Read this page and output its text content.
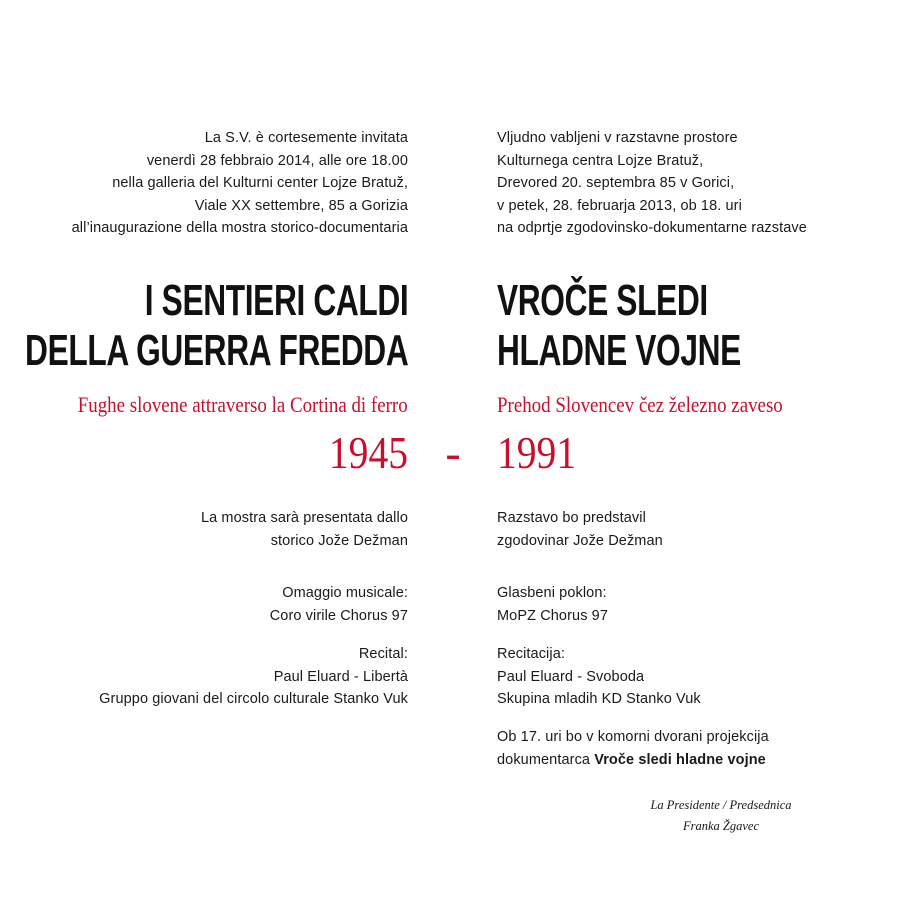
La S.V. è cortesemente invitata
venerdì 28 febbraio 2014, alle ore 18.00
nella galleria del Kulturni center Lojze Bratuž,
Viale XX settembre, 85 a Gorizia
all’inaugurazione della mostra storico-documentaria
I SENTIERI CALDI
DELLA GUERRA FREDDA
Fughe slovene attraverso la Cortina di ferro
1945 -
La mostra sarà presentata dallo
storico Jože Dežman
Omaggio musicale:
Coro virile Chorus 97
Recital:
Paul Eluard - Libertà
Gruppo giovani del circolo culturale Stanko Vuk
Vljudno vabljeni v razstavne prostore
Kulturnega centra Lojze Bratuž,
Drevored 20. septembra 85 v Gorici,
v petek, 28. februarja 2013, ob 18. uri
na odprtje zgodovinsko-dokumentarne razstave
VROČE SLEDI
HLADNE VOJNE
Prehod Slovencev čez železno zaveso
1991
Razstavo bo predstavil
zgodovinar Jože Dežman
Glasbeni poklon:
MoPZ Chorus 97
Recitacija:
Paul Eluard - Svoboda
Skupina mladih KD Stanko Vuk
Ob 17. uri bo v komorni dvorani projekcija
dokumentarca Vroče sledi hladne vojne
La Presidente / Predsednica
Franka Žgavec
